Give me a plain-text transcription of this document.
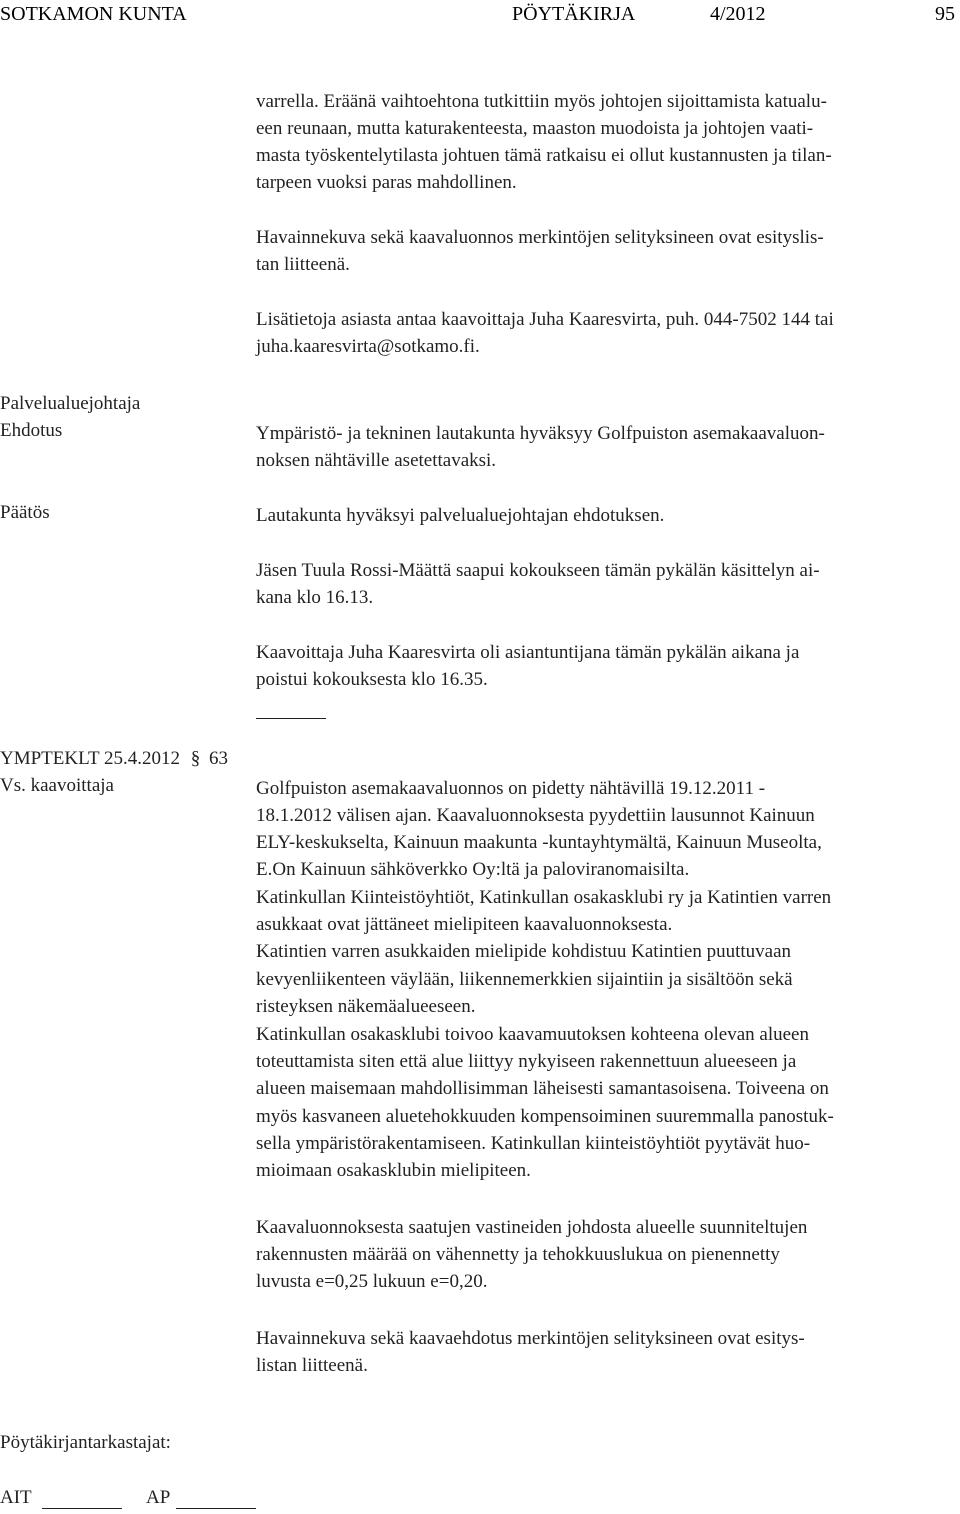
SOTKAMON KUNTA	PÖYTÄKIRJA	4/2012	95
varrella. Eräänä vaihtoehtona tutkittiin myös johtojen sijoittamista katualu-
een reunaan, mutta katurakenteesta, maaston muodoista ja johtojen vaati-
masta työskentelytilasta johtuen tämä ratkaisu ei ollut kustannusten ja tilan-
tarpeen vuoksi paras mahdollinen.
Havainnekuva sekä kaavaluonnos merkintöjen selityksineen ovat esityslis-
tan liitteenä.
Lisätietoja asiasta antaa kaavoittaja Juha Kaaresvirta, puh. 044-7502 144 tai
juha.kaaresvirta@sotkamo.fi.
Palvelualuejohtaja
Ehdotus
Päätös
Ympäristö- ja tekninen lautakunta hyväksyy Golfpuiston asemakaavaluon-
noksen nähtäville asetettavaksi.
Lautakunta hyväksyi palvelualuejohtajan ehdotuksen.
Jäsen Tuula Rossi-Määttä saapui kokoukseen tämän pykälän käsittelyn ai-
kana klo 16.13.
Kaavoittaja Juha Kaaresvirta oli asiantuntijana tämän pykälän aikana ja
poistui kokouksesta klo 16.35.
YMPTEKLT 25.4.2012 § 63
Vs. kaavoittaja	Golfpuiston asemakaavaluonnos on pidetty nähtävillä 19.12.2011 -
18.1.2012 välisen ajan. Kaavaluonnoksesta pyydettiin lausunnot Kainuun
ELY-keskukselta, Kainuun maakunta -kuntayhtymältä, Kainuun Museolta,
E.On Kainuun sähköverkko Oy:ltä ja paloviranomaisilta.
Katinkullan Kiinteistöyhtiöt, Katinkullan osakasklubi ry ja Katintien varren
asukkaat ovat jättäneet mielipiteen kaavaluonnoksesta.
Katintien varren asukkaiden mielipide kohdistuu Katintien puuttuvaan
kevyenliikenteen väylään, liikennemerkkien sijaintiin ja sisältöön sekä
risteyksen näkemäalueeseen.
Katinkullan osakasklubi toivoo kaavamuutoksen kohteena olevan alueen
toteuttamista siten että alue liittyy nykyiseen rakennettuun alueeseen ja
alueen maisemaan mahdollisimman läheisesti samantasoisena. Toiveena on
myös kasvaneen aluetehokkuuden kompensoiminen suuremmalla panostuk-
sella ympäristörakentamiseen. Katinkullan kiinteistöyhtiöt pyytävät huo-
mioimaan osakasklubin mielipiteen.
Kaavaluonnoksesta saatujen vastineiden johdosta alueelle suunniteltujen
rakennusten määrää on vähennetty ja tehokkuuslukua on pienennetty
luvusta e=0,25 lukuun e=0,20.
Havainnekuva sekä kaavaehdotus merkintöjen selityksineen ovat esitys-
listan liitteenä.
Pöytäkirjantarkastajat:
AIT	AP
